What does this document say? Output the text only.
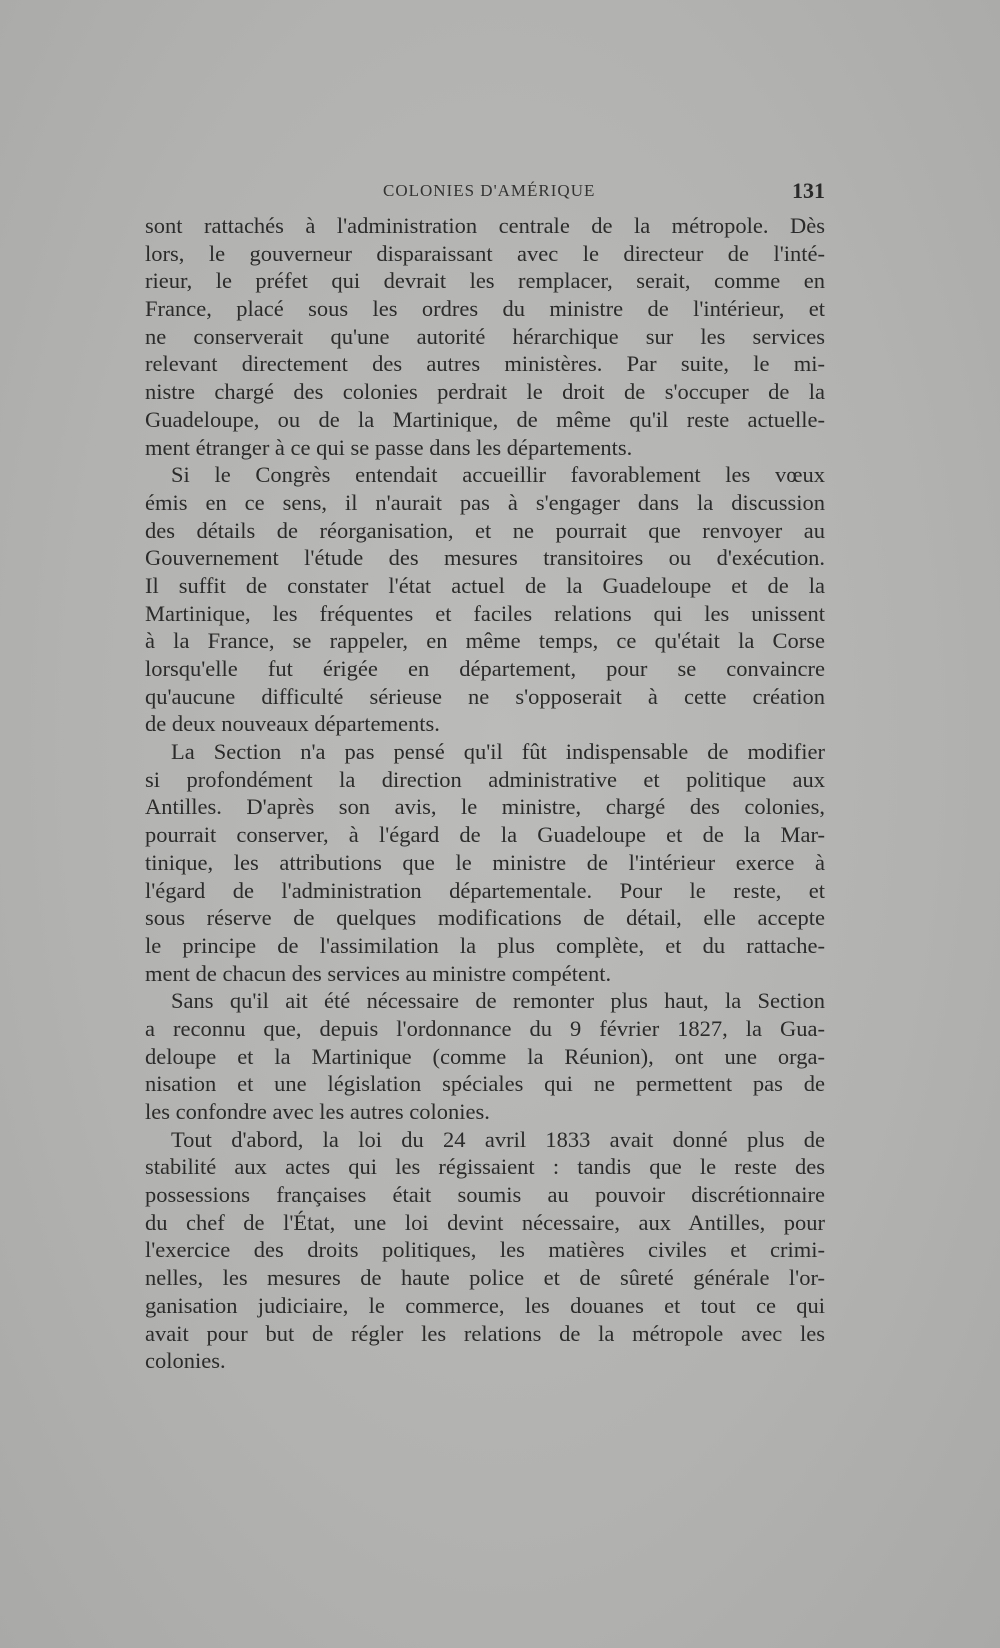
COLONIES D'AMÉRIQUE	131
sont rattachés à l'administration centrale de la métropole. Dès
lors, le gouverneur disparaissant avec le directeur de l'inté-
rieur, le préfet qui devrait les remplacer, serait, comme en
France, placé sous les ordres du ministre de l'intérieur, et
ne conserverait qu'une autorité hérarchique sur les services
relevant directement des autres ministères. Par suite, le mi-
nistre chargé des colonies perdrait le droit de s'occuper de la
Guadeloupe, ou de la Martinique, de même qu'il reste actuelle-
ment étranger à ce qui se passe dans les départements.
Si le Congrès entendait accueillir favorablement les vœux
émis en ce sens, il n'aurait pas à s'engager dans la discussion
des détails de réorganisation, et ne pourrait que renvoyer au
Gouvernement l'étude des mesures transitoires ou d'exécution.
Il suffit de constater l'état actuel de la Guadeloupe et de la
Martinique, les fréquentes et faciles relations qui les unissent
à la France, se rappeler, en même temps, ce qu'était la Corse
lorsqu'elle fut érigée en département, pour se convaincre
qu'aucune difficulté sérieuse ne s'opposerait à cette création
de deux nouveaux départements.
La Section n'a pas pensé qu'il fût indispensable de modifier
si profondément la direction administrative et politique aux
Antilles. D'après son avis, le ministre, chargé des colonies,
pourrait conserver, à l'égard de la Guadeloupe et de la Mar-
tinique, les attributions que le ministre de l'intérieur exerce à
l'égard de l'administration départementale. Pour le reste, et
sous réserve de quelques modifications de détail, elle accepte
le principe de l'assimilation la plus complète, et du rattache-
ment de chacun des services au ministre compétent.
Sans qu'il ait été nécessaire de remonter plus haut, la Section
a reconnu que, depuis l'ordonnance du 9 février 1827, la Gua-
deloupe et la Martinique (comme la Réunion), ont une orga-
nisation et une législation spéciales qui ne permettent pas de
les confondre avec les autres colonies.
Tout d'abord, la loi du 24 avril 1833 avait donné plus de
stabilité aux actes qui les régissaient : tandis que le reste des
possessions françaises était soumis au pouvoir discrétionnaire
du chef de l'État, une loi devint nécessaire, aux Antilles, pour
l'exercice des droits politiques, les matières civiles et crimi-
nelles, les mesures de haute police et de sûreté générale l'or-
ganisation judiciaire, le commerce, les douanes et tout ce qui
avait pour but de régler les relations de la métropole avec les
colonies.
